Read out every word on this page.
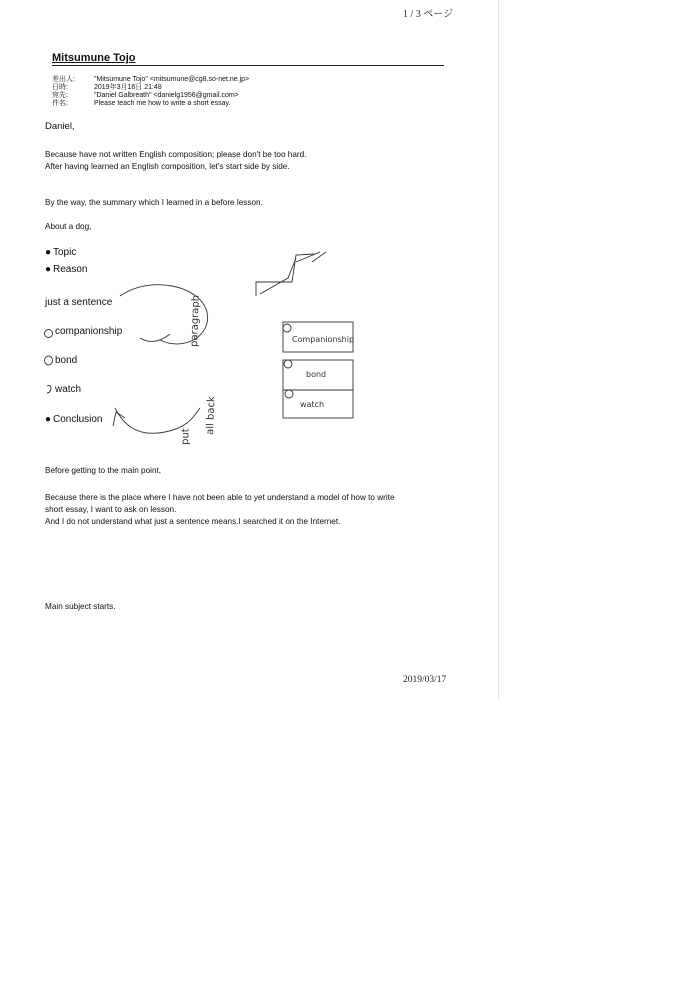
1 / 3 ページ
Mitsumune Tojo
差出人:	"Mitsumune Tojo" <mitsumune@cg8.so-net.ne.jp>
日時:	2019年3月16日 21:48
宛先:	"Daniel Galbreath" <danielg1956@gmail.com>
件名:	Please teach me how to write a short essay.
Daniel,
Because have not written English composition; please don't be too hard.
After having learned an English composition, let's start side by side.
By the way, the summary which I learned in a before lesson.
About a dog,
● Topic
● Reason
just a sentence
companionship
bond
watch
● Conclusion
paragraph
put
all back
Companionship
bond
watch
Before getting to the main point,
Because there is the place where I have not been able to yet understand a model of how to write
short essay, I want to ask on lesson.
And I do not understand what just a sentence means.I searched it on the Internet.
Main subject starts.
2019/03/17
